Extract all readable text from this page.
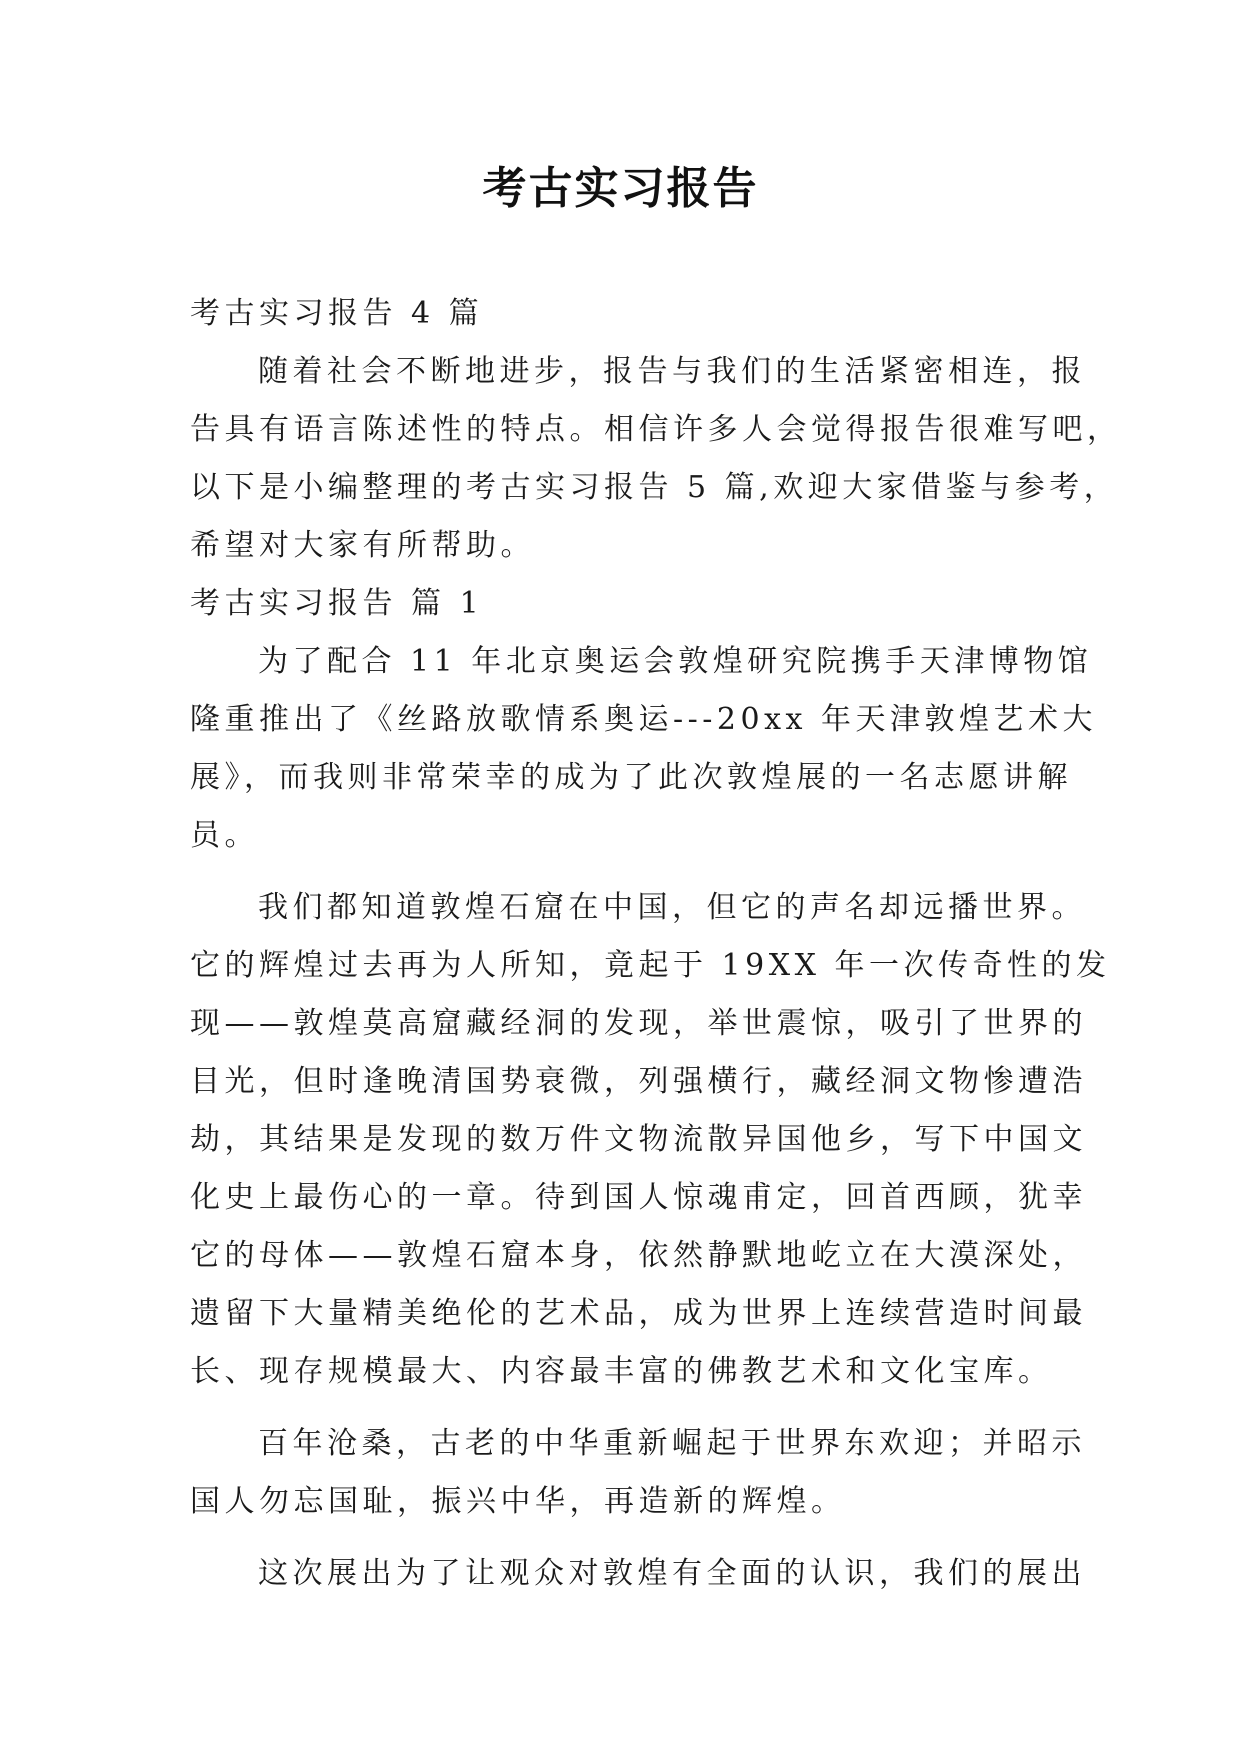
考古实习报告
考古实习报告 4 篇
随着社会不断地进步，报告与我们的生活紧密相连，报
告具有语言陈述性的特点。相信许多人会觉得报告很难写吧，
以下是小编整理的考古实习报告 5 篇,欢迎大家借鉴与参考，
希望对大家有所帮助。
考古实习报告 篇 1
为了配合 11 年北京奥运会敦煌研究院携手天津博物馆
隆重推出了《丝路放歌情系奥运---20xx 年天津敦煌艺术大
展》，而我则非常荣幸的成为了此次敦煌展的一名志愿讲解
员。
我们都知道敦煌石窟在中国，但它的声名却远播世界。
它的辉煌过去再为人所知，竟起于 19XX 年一次传奇性的发
现——敦煌莫高窟藏经洞的发现，举世震惊，吸引了世界的
目光，但时逢晚清国势衰微，列强横行，藏经洞文物惨遭浩
劫，其结果是发现的数万件文物流散异国他乡，写下中国文
化史上最伤心的一章。待到国人惊魂甫定，回首西顾，犹幸
它的母体——敦煌石窟本身，依然静默地屹立在大漠深处，
遗留下大量精美绝伦的艺术品，成为世界上连续营造时间最
长、现存规模最大、内容最丰富的佛教艺术和文化宝库。
百年沧桑，古老的中华重新崛起于世界东欢迎；并昭示
国人勿忘国耻，振兴中华，再造新的辉煌。
这次展出为了让观众对敦煌有全面的认识，我们的展出
